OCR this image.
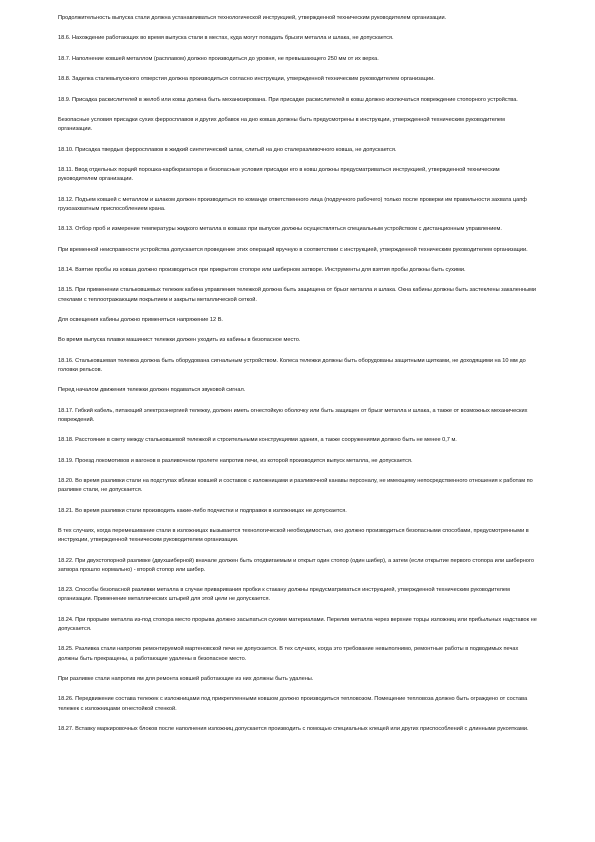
Продолжительность выпуска стали должна устанавливаться технологической инструкцией, утвержденной техническим руководителем организации.

18.6. Нахождение работающих во время выпуска стали в местах, куда могут попадать брызги металла и шлака, не допускается.

18.7. Наполнение ковшей металлом (расплавом) должно производиться до уровня, не превышающего 250 мм от их верха.

18.8. Заделка сталевыпускного отверстия должна производиться согласно инструкции, утвержденной техническим руководителем организации.

18.9. Присадка раскислителей в желоб или ковш должна быть механизирована. При присадке раскислителей в ковш должно исключаться повреждение стопорного устройства.

Безопасные условия присадки сухих ферросплавов и других добавок на дно ковша должны быть предусмотрены в инструкции, утвержденной техническим руководителем организации.

18.10. Присадка твердых ферросплавов в жидкий синтетический шлак, слитый на дно сталеразливочного ковша, не допускается.

18.11. Ввод отдельных порций порошка-карбюризатора и безопасные условия присадки его в ковш должны предусматриваться инструкцией, утвержденной техническим руководителем организации.

18.12. Подъем ковшей с металлом и шлаком должен производиться по команде ответственного лица (подручного рабочего) только после проверки им правильности захвата цапф грузозахватным приспособлением крана.

18.13. Отбор проб и измерение температуры жидкого металла в ковшах при выпуске должны осуществляться специальным устройством с дистанционным управлением.

При временной неисправности устройства допускается проведение этих операций вручную в соответствии с инструкцией, утвержденной техническим руководителем организации.

18.14. Взятие пробы из ковша должно производиться при прикрытом стопоре или шиберном затворе. Инструменты для взятия пробы должны быть сухими.

18.15. При применении стальковшевых тележек кабина управления тележкой должна быть защищена от брызг металла и шлака. Окна кабины должны быть застеклены закаленными стеклами с теплоотражающим покрытием и закрыты металлической сеткой.

Для освещения кабины должно применяться напряжение 12 В.

Во время выпуска плавки машинист тележки должен уходить из кабины в безопасное место.

18.16. Стальковшевая тележка должна быть оборудована сигнальным устройством. Колеса тележки должны быть оборудованы защитными щитками, не доходящими на 10 мм до головки рельсов.

Перед началом движения тележки должен подаваться звуковой сигнал.

18.17. Гибкий кабель, питающий электроэнергией тележку, должен иметь огнестойкую оболочку или быть защищен от брызг металла и шлака, а также от возможных механических повреждений.

18.18. Расстояние в свету между стальковшевой тележкой и строительными конструкциями здания, а также сооружениями должно быть не менее 0,7 м.

18.19. Проезд локомотивов и вагонов в разливочном пролете напротив печи, из которой производится выпуск металла, не допускается.

18.20. Во время разливки стали на подступах вблизи ковшей и составов с изложницами и разливочной канавы персоналу, не имеющему непосредственного отношения к работам по разливке стали, не допускается.

18.21. Во время разливки стали производить какие-либо подчистки и подправки в изложницах не допускается.

В тех случаях, когда перемешивание стали в изложницах вызывается технологической необходимостью, оно должно производиться безопасными способами, предусмотренными в инструкции, утвержденной техническим руководителем организации.

18.22. При двухстопорной разливке (двухшиберной) вначале должен быть отодвигаемым и открыт один стопор (один шибер), а затем (если открытие первого стопора или шиберного затвора прошло нормально) - второй стопор или шибер.

18.23. Способы безопасной разливки металла в случае приваривания пробки к стакану должны предусматриваться инструкцией, утвержденной техническим руководителем организации. Применение металлических штырей для этой цели не допускается.

18.24. При прорыве металла из-под стопора место прорыва должно засыпаться сухими материалами. Перелив металла через верхние торцы изложниц или прибыльных надставок не допускается.

18.25. Разливка стали напротив ремонтируемой мартеновской печи не допускается. В тех случаях, когда это требование невыполнимо, ремонтные работы в подводимых печах должны быть прекращены, а работающие удалены в безопасное место.

При разливке стали напротив ям для ремонта ковшей работающие из них должны быть удалены.

18.26. Передвижение состава тележек с изложницами под прикрепленными ковшом должно производиться тепловозом. Помещение тепловоза должно быть ограждено от состава тележек с изложницами огнестойкой стенкой.

18.27. Вставку маркировочных блоков после наполнения изложниц допускается производить с помощью специальных клещей или других приспособлений с длинными рукоятками.
